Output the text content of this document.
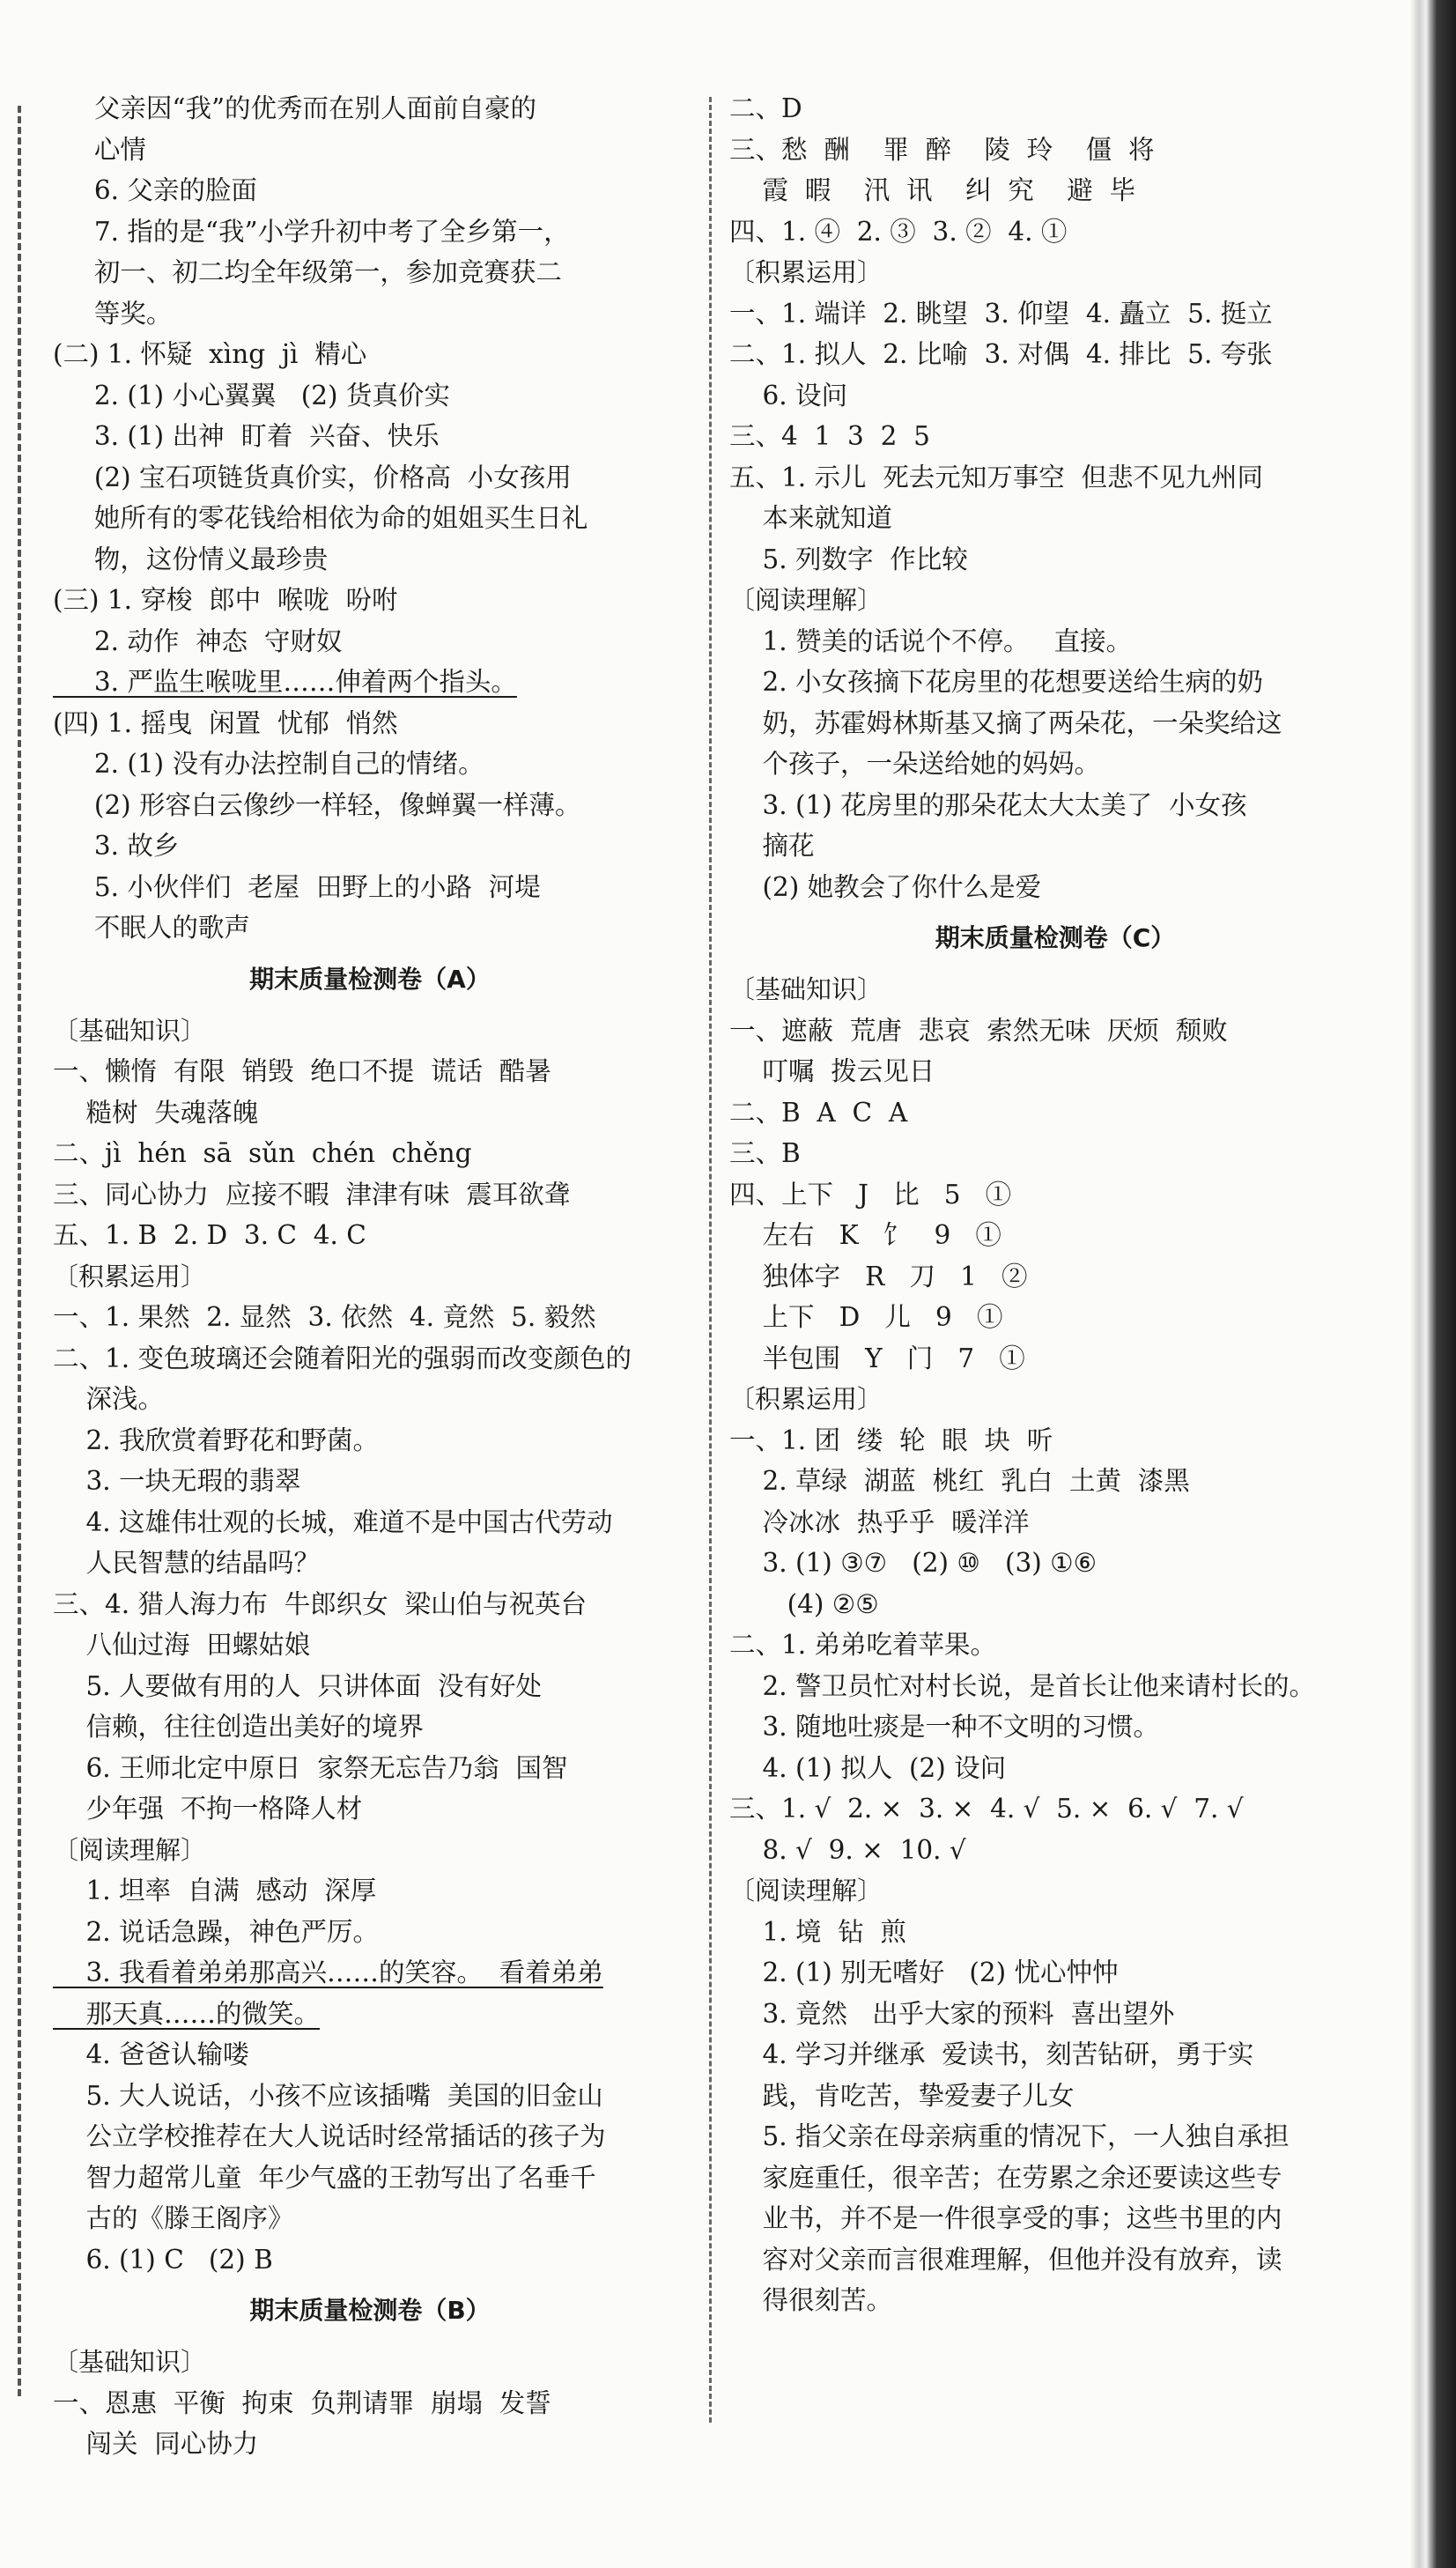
父亲因“我”的优秀而在别人面前自豪的
心情
6. 父亲的脸面
7. 指的是“我”小学升初中考了全乡第一，
初一、初二均全年级第一，参加竞赛获二
等奖。
(二) 1. 怀疑  xìng  jì  精心
2. (1) 小心翼翼   (2) 货真价实
3. (1) 出神  盯着  兴奋、快乐
(2) 宝石项链货真价实，价格高  小女孩用
她所有的零花钱给相依为命的姐姐买生日礼
物，这份情义最珍贵
(三) 1. 穿梭  郎中  喉咙  吩咐
2. 动作  神态  守财奴
3. 严监生喉咙里……伸着两个指头。
(四) 1. 摇曳  闲置  忧郁  悄然
2. (1) 没有办法控制自己的情绪。
(2) 形容白云像纱一样轻，像蝉翼一样薄。
3. 故乡
5. 小伙伴们  老屋  田野上的小路  河堤
不眠人的歌声
期末质量检测卷（A）
〔基础知识〕
一、懒惰  有限  销毁  绝口不提  谎话  酷暑
糙树  失魂落魄
二、jì  hén  sā  sǔn  chén  chěng
三、同心协力  应接不暇  津津有味  震耳欲聋
五、1. B  2. D  3. C  4. C
〔积累运用〕
一、1. 果然  2. 显然  3. 依然  4. 竟然  5. 毅然
二、1. 变色玻璃还会随着阳光的强弱而改变颜色的
深浅。
2. 我欣赏着野花和野菌。
3. 一块无瑕的翡翠
4. 这雄伟壮观的长城，难道不是中国古代劳动
人民智慧的结晶吗？
三、4. 猎人海力布  牛郎织女  梁山伯与祝英台
八仙过海  田螺姑娘
5. 人要做有用的人  只讲体面  没有好处
信赖，往往创造出美好的境界
6. 王师北定中原日  家祭无忘告乃翁  国智
少年强  不拘一格降人材
〔阅读理解〕
1. 坦率  自满  感动  深厚
2. 说话急躁，神色严厉。
3. 我看着弟弟那高兴……的笑容。  看着弟弟
那天真……的微笑。
4. 爸爸认输喽
5. 大人说话，小孩不应该插嘴  美国的旧金山
公立学校推荐在大人说话时经常插话的孩子为
智力超常儿童  年少气盛的王勃写出了名垂千
古的《滕王阁序》
6. (1) C   (2) B
期末质量检测卷（B）
〔基础知识〕
一、恩惠  平衡  拘束  负荆请罪  崩塌  发誓
闯关  同心协力
二、D
三、愁  酬    罪  醉    陵  玲    僵  将
霞  暇    汛  讯    纠  究    避  毕
四、1. ④  2. ③  3. ②  4. ①
〔积累运用〕
一、1. 端详  2. 眺望  3. 仰望  4. 矗立  5. 挺立
二、1. 拟人  2. 比喻  3. 对偶  4. 排比  5. 夸张
6. 设问
三、4  1  3  2  5
五、1. 示儿  死去元知万事空  但悲不见九州同
本来就知道
5. 列数字  作比较
〔阅读理解〕
1. 赞美的话说个不停。   直接。
2. 小女孩摘下花房里的花想要送给生病的奶
奶，苏霍姆林斯基又摘了两朵花，一朵奖给这
个孩子，一朵送给她的妈妈。
3. (1) 花房里的那朵花太大太美了  小女孩
摘花
(2) 她教会了你什么是爱
期末质量检测卷（C）
〔基础知识〕
一、遮蔽  荒唐  悲哀  索然无味  厌烦  颓败
叮嘱  拨云见日
二、B  A  C  A
三、B
四、上下   J   比   5   ①
左右   K   饣   9   ①
独体字   R   刀   1   ②
上下   D   儿   9   ①
半包围   Y   门   7   ①
〔积累运用〕
一、1. 团  缕  轮  眼  块  听
2. 草绿  湖蓝  桃红  乳白  土黄  漆黑
冷冰冰  热乎乎  暖洋洋
3. (1) ③⑦   (2) ⑩   (3) ①⑥
(4) ②⑤
二、1. 弟弟吃着苹果。
2. 警卫员忙对村长说，是首长让他来请村长的。
3. 随地吐痰是一种不文明的习惯。
4. (1) 拟人  (2) 设问
三、1. √  2. ×  3. ×  4. √  5. ×  6. √  7. √
8. √  9. ×  10. √
〔阅读理解〕
1. 境  钻  煎
2. (1) 别无嗜好   (2) 忧心忡忡
3. 竟然   出乎大家的预料  喜出望外
4. 学习并继承  爱读书，刻苦钻研，勇于实
践，肯吃苦，挚爱妻子儿女
5. 指父亲在母亲病重的情况下，一人独自承担
家庭重任，很辛苦；在劳累之余还要读这些专
业书，并不是一件很享受的事；这些书里的内
容对父亲而言很难理解，但他并没有放弃，读
得很刻苦。
